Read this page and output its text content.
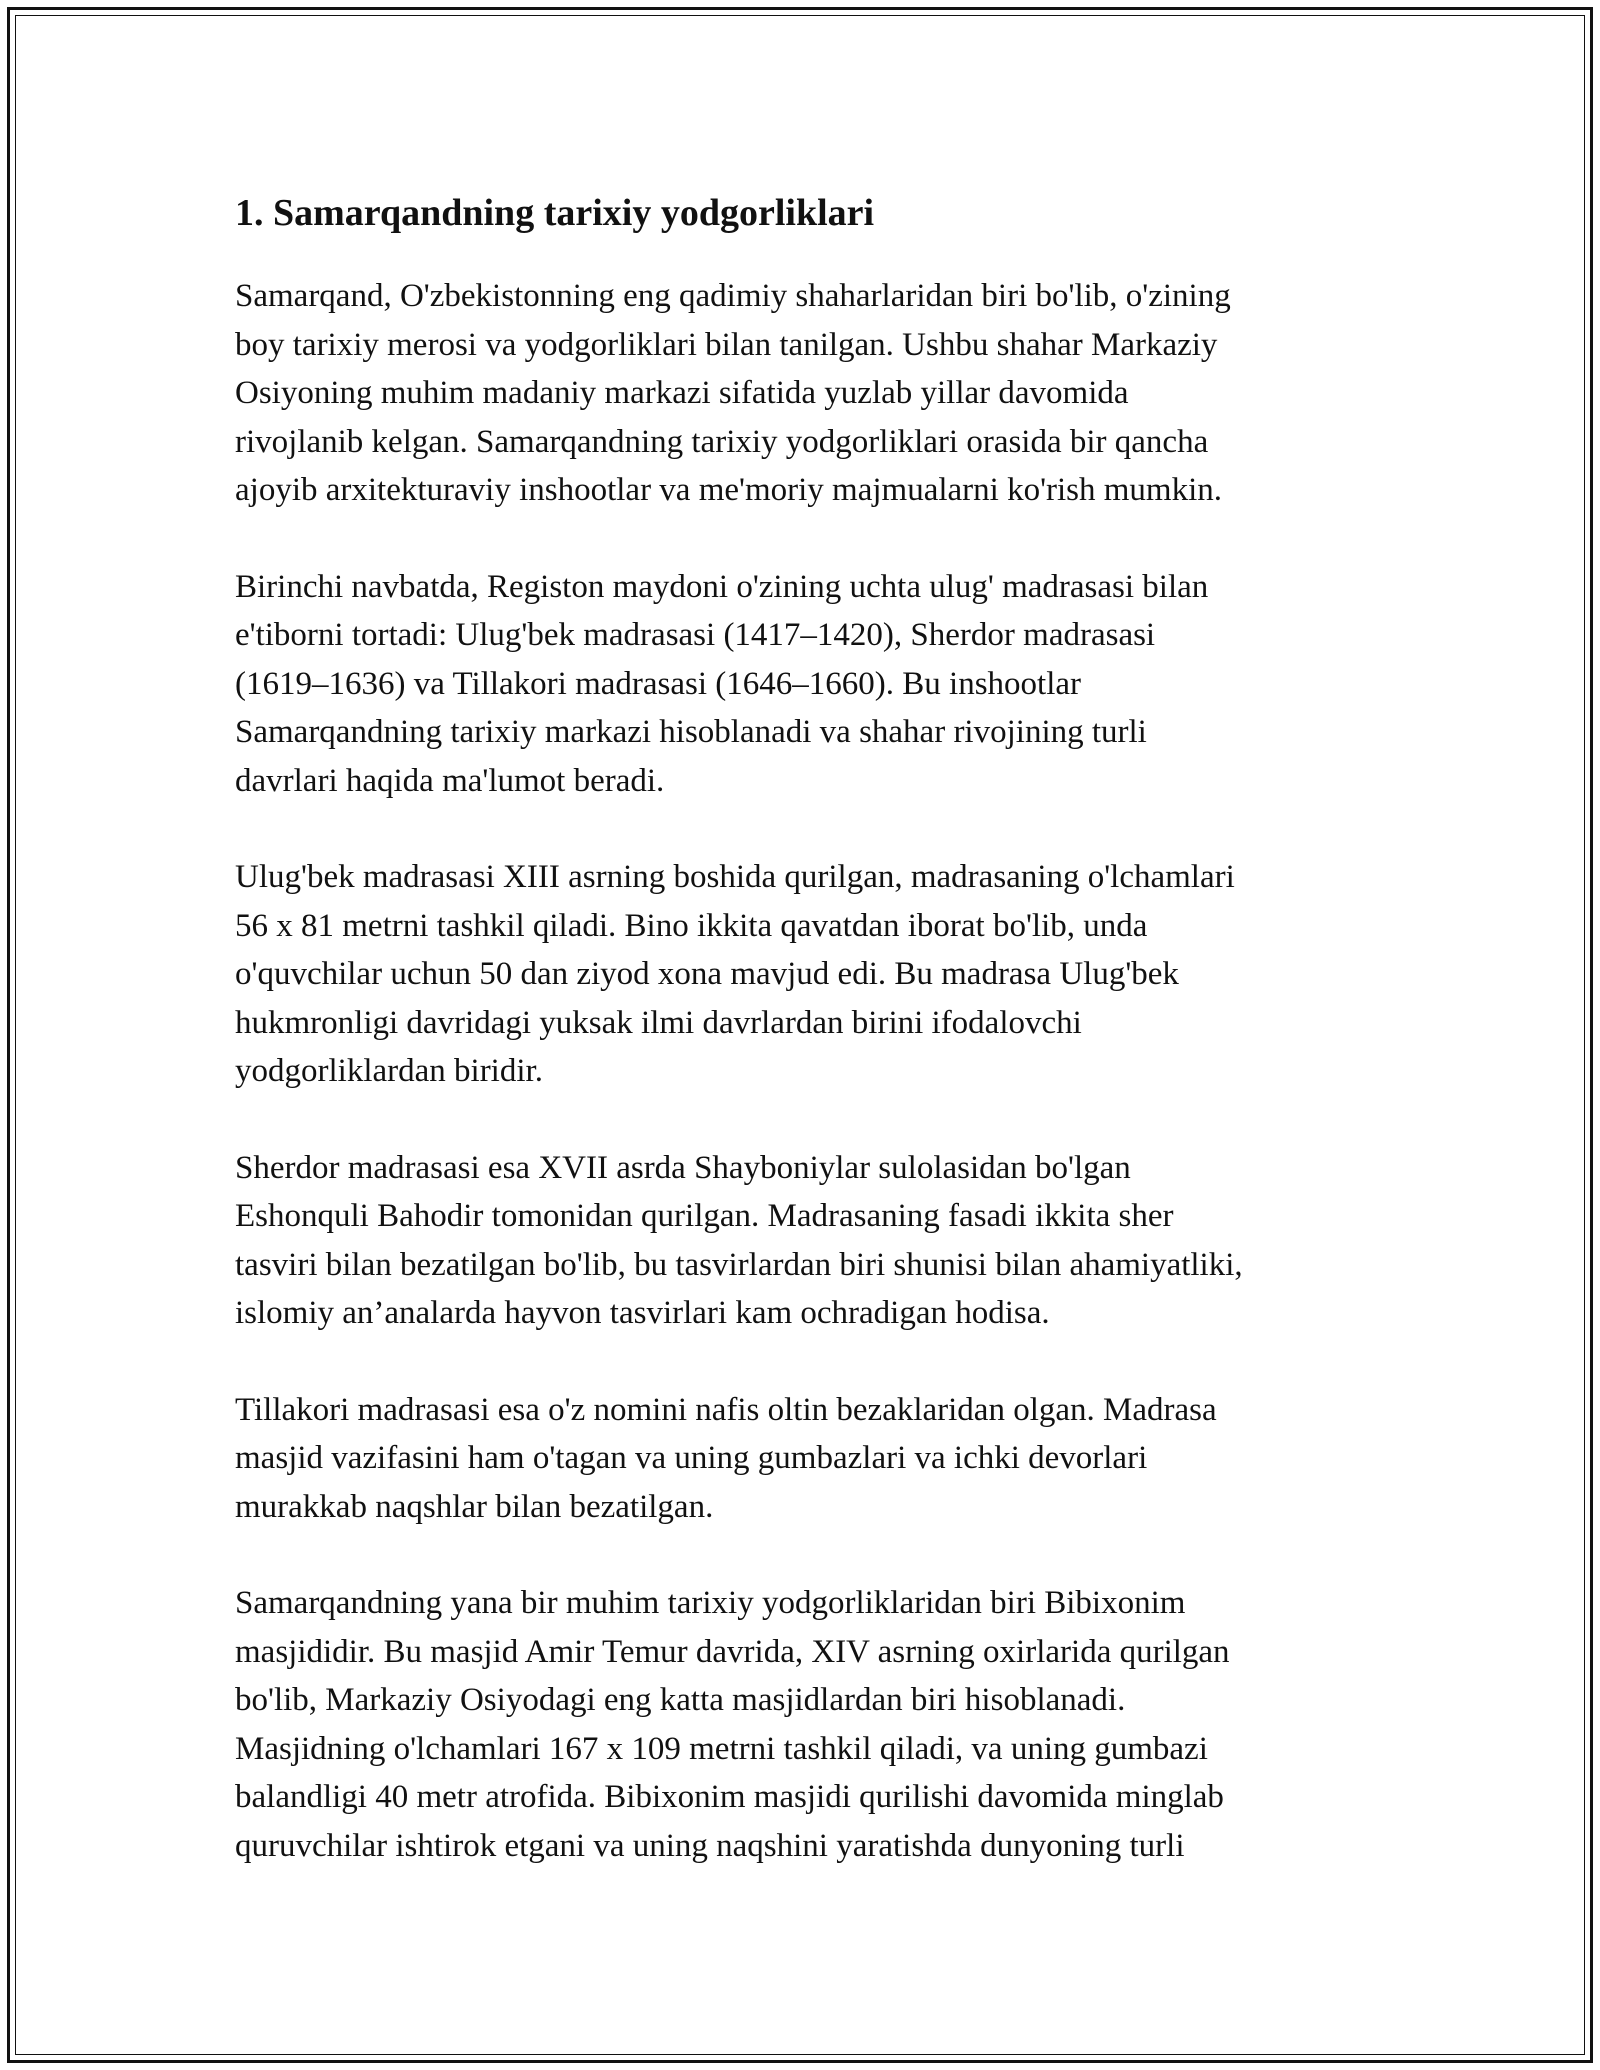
1. Samarqandning tarixiy yodgorliklari

Samarqand, O'zbekistonning eng qadimiy shaharlaridan biri bo'lib, o'zining
boy tarixiy merosi va yodgorliklari bilan tanilgan. Ushbu shahar Markaziy
Osiyoning muhim madaniy markazi sifatida yuzlab yillar davomida
rivojlanib kelgan. Samarqandning tarixiy yodgorliklari orasida bir qancha
ajoyib arxitekturaviy inshootlar va me'moriy majmualarni ko'rish mumkin.

Birinchi navbatda, Registon maydoni o'zining uchta ulug' madrasasi bilan
e'tiborni tortadi: Ulug'bek madrasasi (1417–1420), Sherdor madrasasi
(1619–1636) va Tillakori madrasasi (1646–1660). Bu inshootlar
Samarqandning tarixiy markazi hisoblanadi va shahar rivojining turli
davrlari haqida ma'lumot beradi.

Ulug'bek madrasasi XIII asrning boshida qurilgan, madrasaning o'lchamlari
56 x 81 metrni tashkil qiladi. Bino ikkita qavatdan iborat bo'lib, unda
o'quvchilar uchun 50 dan ziyod xona mavjud edi. Bu madrasa Ulug'bek
hukmronligi davridagi yuksak ilmi davrlardan birini ifodalovchi
yodgorliklardan biridir.

Sherdor madrasasi esa XVII asrda Shayboniylar sulolasidan bo'lgan
Eshonquli Bahodir tomonidan qurilgan. Madrasaning fasadi ikkita sher
tasviri bilan bezatilgan bo'lib, bu tasvirlardan biri shunisi bilan ahamiyatliki,
islomiy an’analarda hayvon tasvirlari kam ochradigan hodisa.

Tillakori madrasasi esa o'z nomini nafis oltin bezaklaridan olgan. Madrasa
masjid vazifasini ham o'tagan va uning gumbazlari va ichki devorlari
murakkab naqshlar bilan bezatilgan.

Samarqandning yana bir muhim tarixiy yodgorliklaridan biri Bibixonim
masjididir. Bu masjid Amir Temur davrida, XIV asrning oxirlarida qurilgan
bo'lib, Markaziy Osiyodagi eng katta masjidlardan biri hisoblanadi.
Masjidning o'lchamlari 167 x 109 metrni tashkil qiladi, va uning gumbazi
balandligi 40 metr atrofida. Bibixonim masjidi qurilishi davomida minglab
quruvchilar ishtirok etgani va uning naqshini yaratishda dunyoning turli
